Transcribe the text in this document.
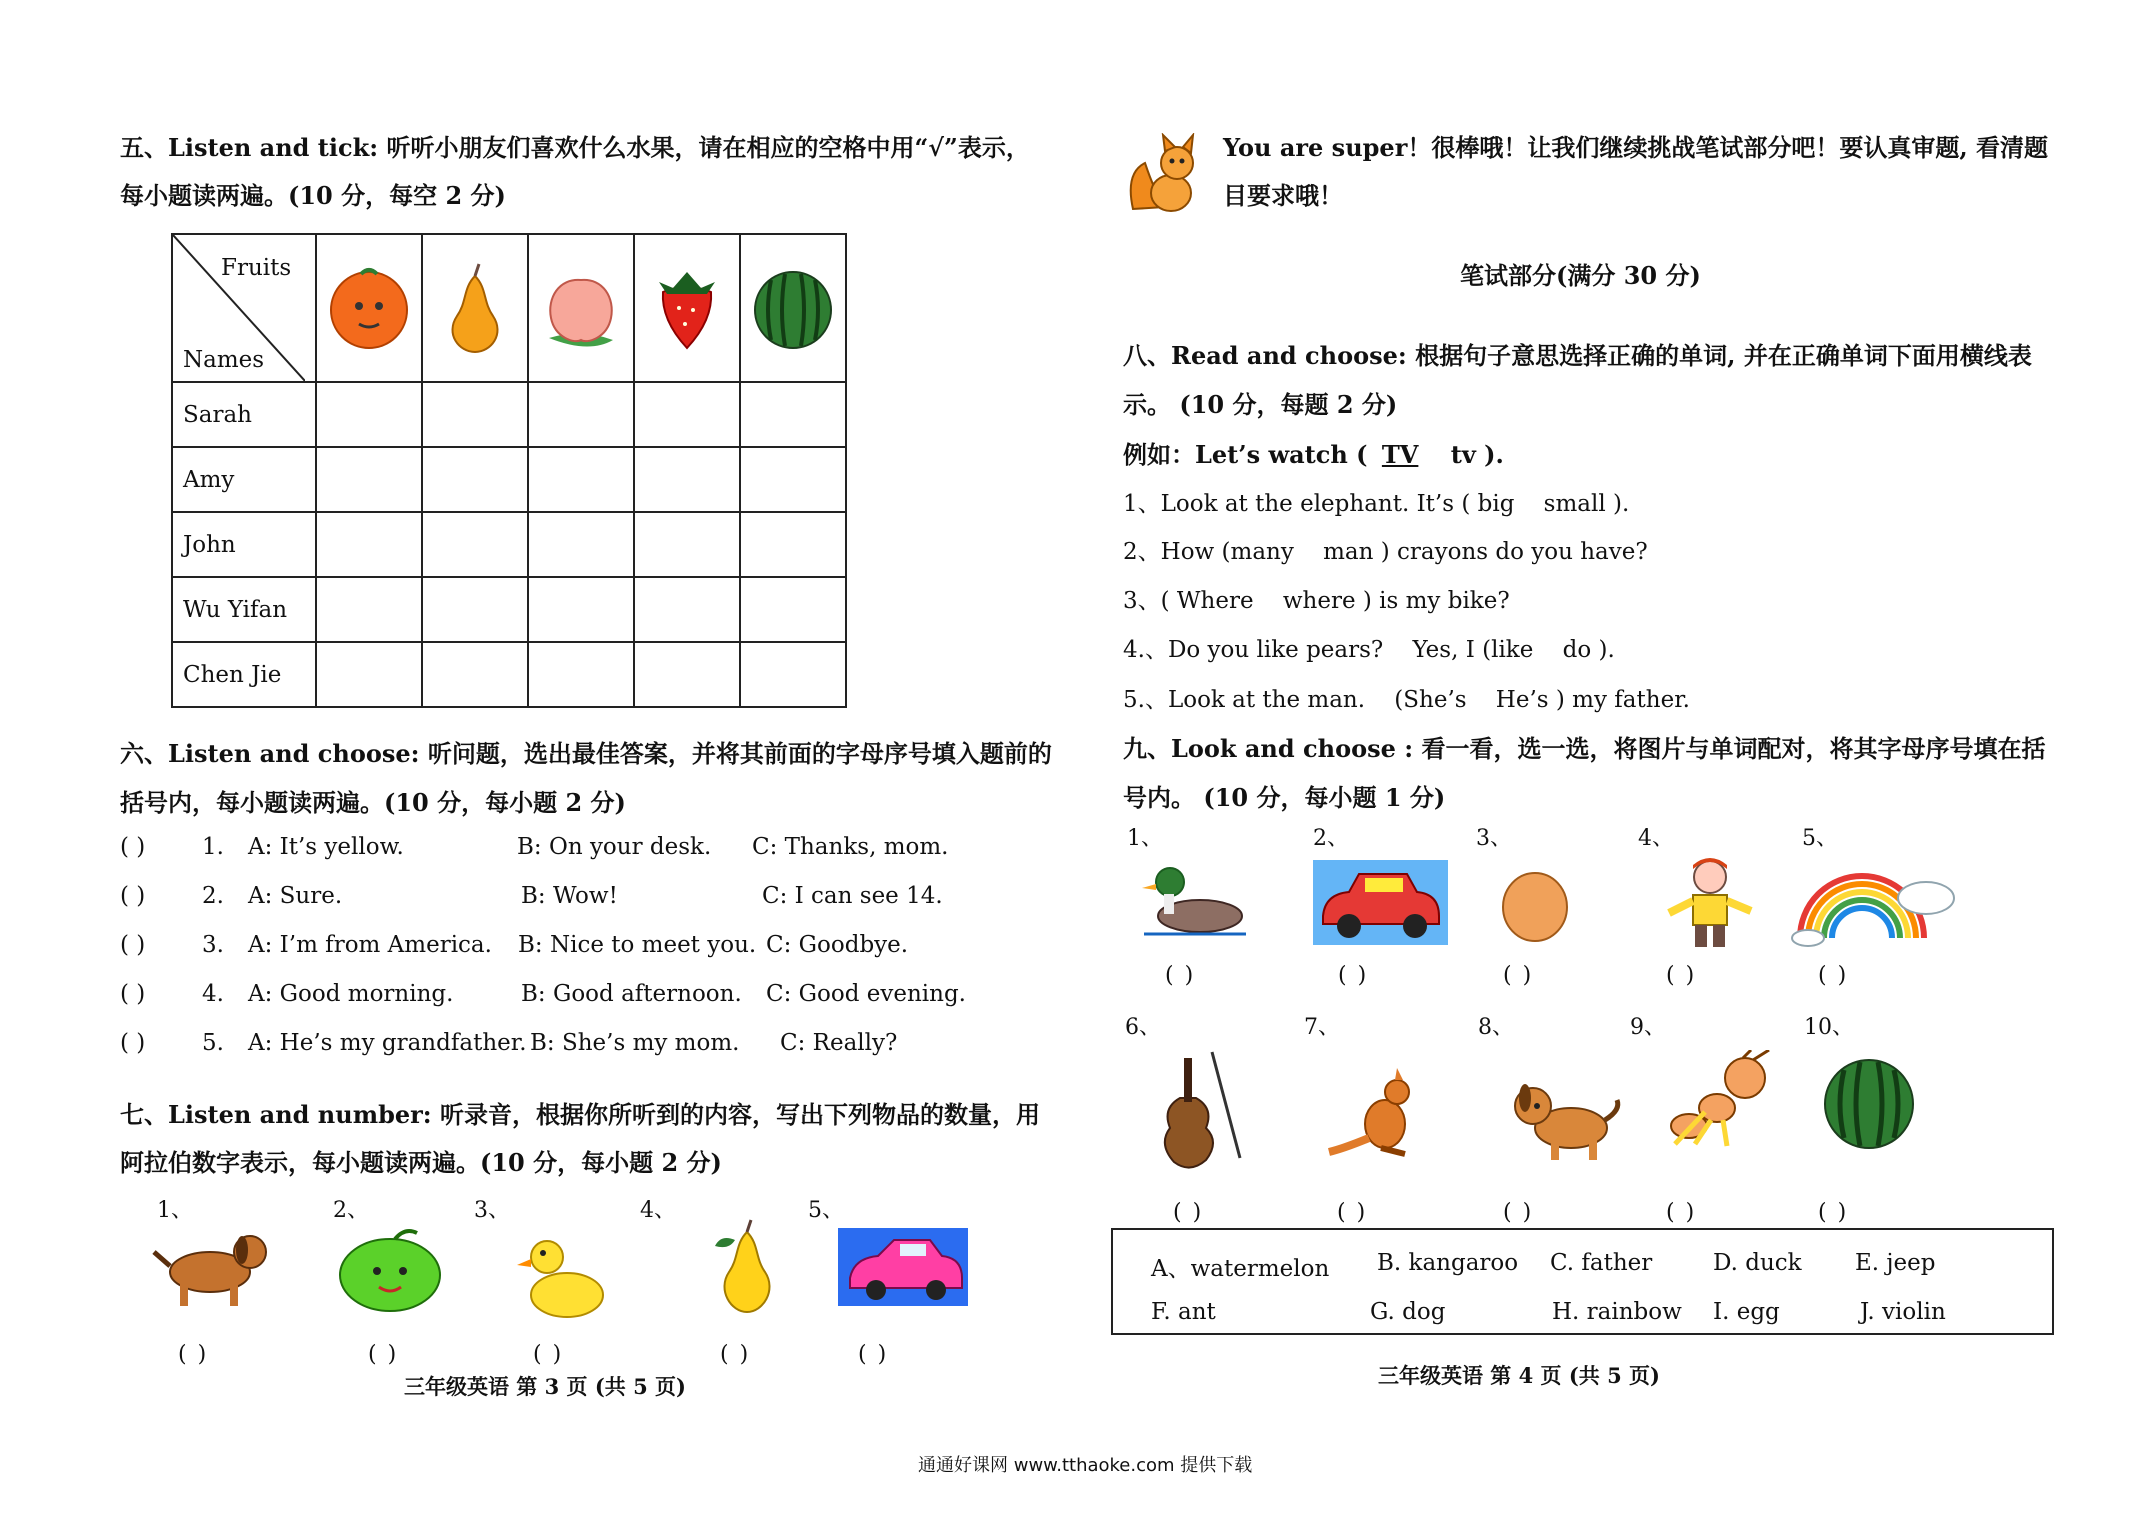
五、Listen and tick: 听听小朋友们喜欢什么水果，请在相应的空格中用“√”表示，
每小题读两遍。(10 分，每空 2 分)
Fruits
Names

Sarah					
Amy					
John					
Wu Yifan					
Chen Jie					
六、Listen and choose: 听问题，选出最佳答案，并将其前面的字母序号填入题前的
括号内，每小题读两遍。(10 分，每小题 2 分)
( ) 1. A: It’s yellow.	B: On your desk. C: Thanks, mom.
( ) 2. A: Sure.	B: Wow!	C: I can see 14.
( ) 3. A: I’m from America. B: Nice to meet you. C: Goodbye.
( ) 4. A: Good morning.	B: Good afternoon. C: Good evening.
( ) 5. A: He’s my grandfather. B: She’s my mom. C: Really?
七、Listen and number: 听录音，根据你所听到的内容，写出下列物品的数量，用
阿拉伯数字表示，每小题读两遍。(10 分，每小题 2 分)
1、	2、	3、	4、	5、
( )	( )	( )	( )	( )
三年级英语 第 3 页 (共 5 页)
You are super！很棒哦！让我们继续挑战笔试部分吧！要认真审题, 看清题
目要求哦！
笔试部分(满分 30 分)
八、Read and choose: 根据句子意思选择正确的单词, 并在正确单词下面用横线表
示。 (10 分，每题 2 分)
例如：Let’s watch ( TV tv ).
1、Look at the elephant. It’s ( big    small ).
2、How (many    man ) crayons do you have?
3、( Where    where ) is my bike?
4.、Do you like pears?    Yes, I (like    do ).
5.、Look at the man.    (She’s    He’s ) my father.
九、Look and choose : 看一看，选一选，将图片与单词配对，将其字母序号填在括
号内。 (10 分，每小题 1 分)
1、	2、	3、	4、	5、
( )	( )	( )	( )	( )
6、	7、	8、	9、	10、
( )	( )	( )	( )	( )
A、watermelon B. kangaroo C. father	D. duck E. jeep
F. ant	G. dog	H. rainbow I. egg	J. violin
三年级英语 第 4 页 (共 5 页)
通通好课网 www.tthaoke.com 提供下载
